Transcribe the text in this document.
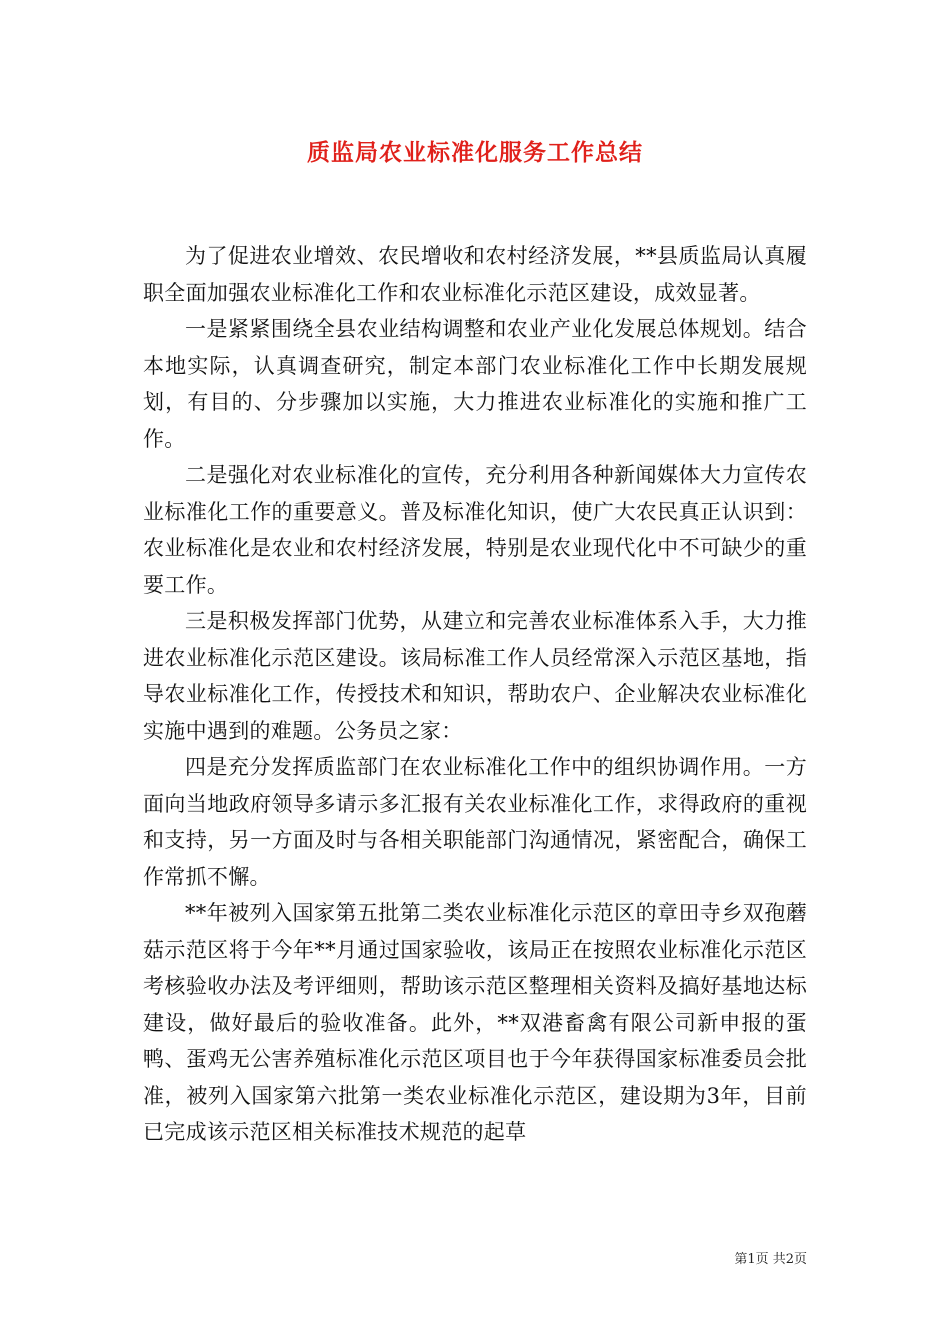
质监局农业标准化服务工作总结

为了促进农业增效、农民增收和农村经济发展，**县质监局认真履职全面加强农业标准化工作和农业标准化示范区建设，成效显著。

一是紧紧围绕全县农业结构调整和农业产业化发展总体规划。结合本地实际，认真调查研究，制定本部门农业标准化工作中长期发展规划，有目的、分步骤加以实施，大力推进农业标准化的实施和推广工作。

二是强化对农业标准化的宣传，充分利用各种新闻媒体大力宣传农业标准化工作的重要意义。普及标准化知识，使广大农民真正认识到：农业标准化是农业和农村经济发展，特别是农业现代化中不可缺少的重要工作。

三是积极发挥部门优势，从建立和完善农业标准体系入手，大力推进农业标准化示范区建设。该局标准工作人员经常深入示范区基地，指导农业标准化工作，传授技术和知识，帮助农户、企业解决农业标准化实施中遇到的难题。公务员之家：

四是充分发挥质监部门在农业标准化工作中的组织协调作用。一方面向当地政府领导多请示多汇报有关农业标准化工作，求得政府的重视和支持，另一方面及时与各相关职能部门沟通情况，紧密配合，确保工作常抓不懈。

**年被列入国家第五批第二类农业标准化示范区的章田寺乡双孢蘑菇示范区将于今年**月通过国家验收，该局正在按照农业标准化示范区考核验收办法及考评细则，帮助该示范区整理相关资料及搞好基地达标建设，做好最后的验收准备。此外，**双港畜禽有限公司新申报的蛋鸭、蛋鸡无公害养殖标准化示范区项目也于今年获得国家标准委员会批准，被列入国家第六批第一类农业标准化示范区，建设期为3年，目前已完成该示范区相关标准技术规范的起草

第1页 共2页
